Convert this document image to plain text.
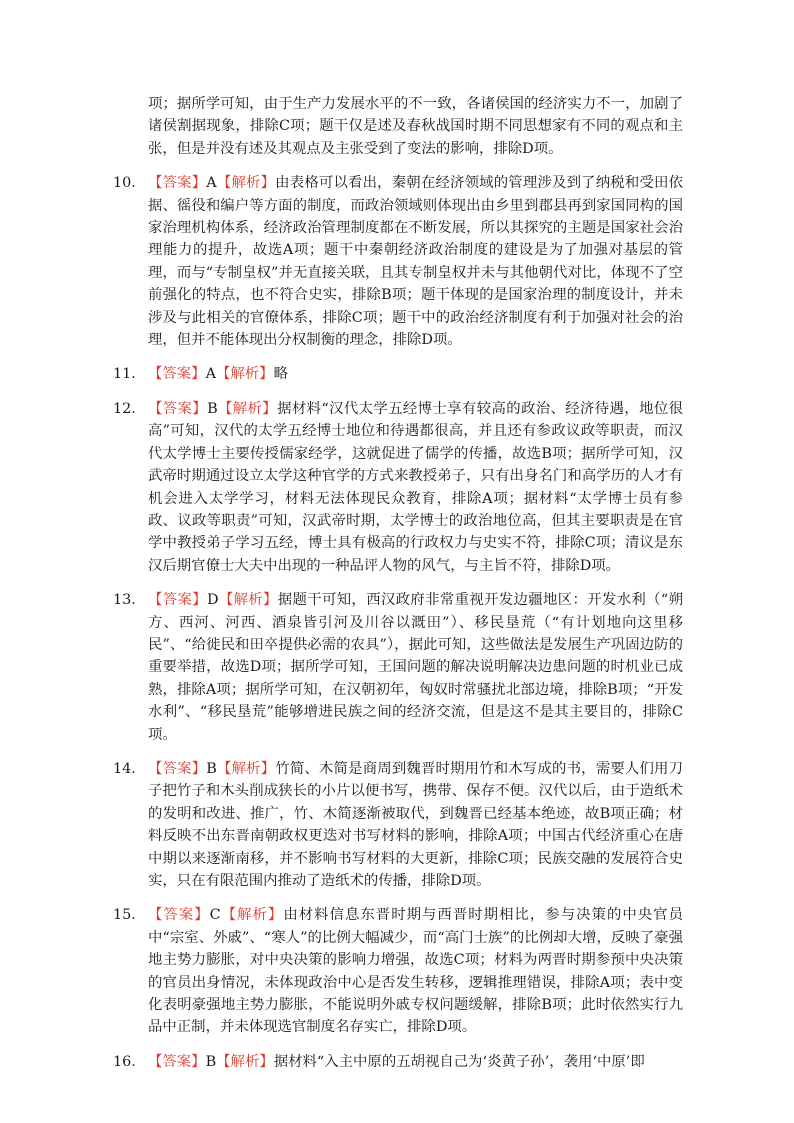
项；据所学可知，由于生产力发展水平的不一致，各诸侯国的经济实力不一，加剧了诸侯割据现象，排除C项；题干仅是述及春秋战国时期不同思想家有不同的观点和主张，但是并没有述及其观点及主张受到了变法的影响，排除D项。

10． 【答案】A【解析】由表格可以看出，秦朝在经济领域的管理涉及到了纳税和受田依据、徭役和编户等方面的制度，而政治领域则体现出由乡里到郡县再到家国同构的国家治理机构体系，经济政治管理制度都在不断发展，所以其探究的主题是国家社会治理能力的提升，故选A项；题干中秦朝经济政治制度的建设是为了加强对基层的管理，而与“专制皇权”并无直接关联，且其专制皇权并未与其他朝代对比，体现不了空前强化的特点，也不符合史实，排除B项；题干体现的是国家治理的制度设计，并未涉及与此相关的官僚体系，排除C项；题干中的政治经济制度有利于加强对社会的治理，但并不能体现出分权制衡的理念，排除D项。
11． 【答案】A【解析】略
12． 【答案】B【解析】据材料“汉代太学五经博士享有较高的政治、经济待遇，地位很高”可知，汉代的太学五经博士地位和待遇都很高，并且还有参政议政等职责，而汉代太学博士主要传授儒家经学，这就促进了儒学的传播，故选B项；据所学可知，汉武帝时期通过设立太学这种官学的方式来教授弟子，只有出身名门和高学历的人才有机会进入太学学习，材料无法体现民众教育，排除A项；据材料“太学博士员有参政、议政等职责”可知，汉武帝时期，太学博士的政治地位高，但其主要职责是在官学中教授弟子学习五经，博士具有极高的行政权力与史实不符，排除C项；清议是东汉后期官僚士大夫中出现的一种品评人物的风气，与主旨不符，排除D项。
13． 【答案】D【解析】据题干可知，西汉政府非常重视开发边疆地区：开发水利（“朔方、西河、河西、酒泉皆引河及川谷以溉田”）、移民垦荒（“有计划地向这里移民”、“给徙民和田卒提供必需的农具”），据此可知，这些做法是发展生产巩固边防的重要举措，故选D项；据所学可知，王国问题的解决说明解决边患问题的时机业已成熟，排除A项；据所学可知，在汉朝初年，匈奴时常骚扰北部边境，排除B项；“开发水利”、“移民垦荒”能够增进民族之间的经济交流，但是这不是其主要目的，排除C项。
14． 【答案】B【解析】竹简、木简是商周到魏晋时期用竹和木写成的书，需要人们用刀子把竹子和木头削成狭长的小片以便书写，携带、保存不便。汉代以后，由于造纸术的发明和改进、推广，竹、木简逐渐被取代，到魏晋已经基本绝迹，故B项正确；材料反映不出东晋南朝政权更迭对书写材料的影响，排除A项；中国古代经济重心在唐中期以来逐渐南移，并不影响书写材料的大更新，排除C项；民族交融的发展符合史实，只在有限范围内推动了造纸术的传播，排除D项。
15． 【答案】C【解析】由材料信息东晋时期与西晋时期相比，参与决策的中央官员中“宗室、外戚”、“寒人”的比例大幅减少，而“高门士族”的比例却大增，反映了豪强地主势力膨胀，对中央决策的影响力增强，故选C项；材料为两晋时期参预中央决策的官员出身情况，未体现政治中心是否发生转移，逻辑推理错误，排除A项；表中变化表明豪强地主势力膨胀，不能说明外戚专权问题缓解，排除B项；此时依然实行九品中正制，并未体现选官制度名存实亡，排除D项。
16． 【答案】B【解析】据材料“入主中原的五胡视自己为‘炎黄子孙’，袭用‘中原’即
